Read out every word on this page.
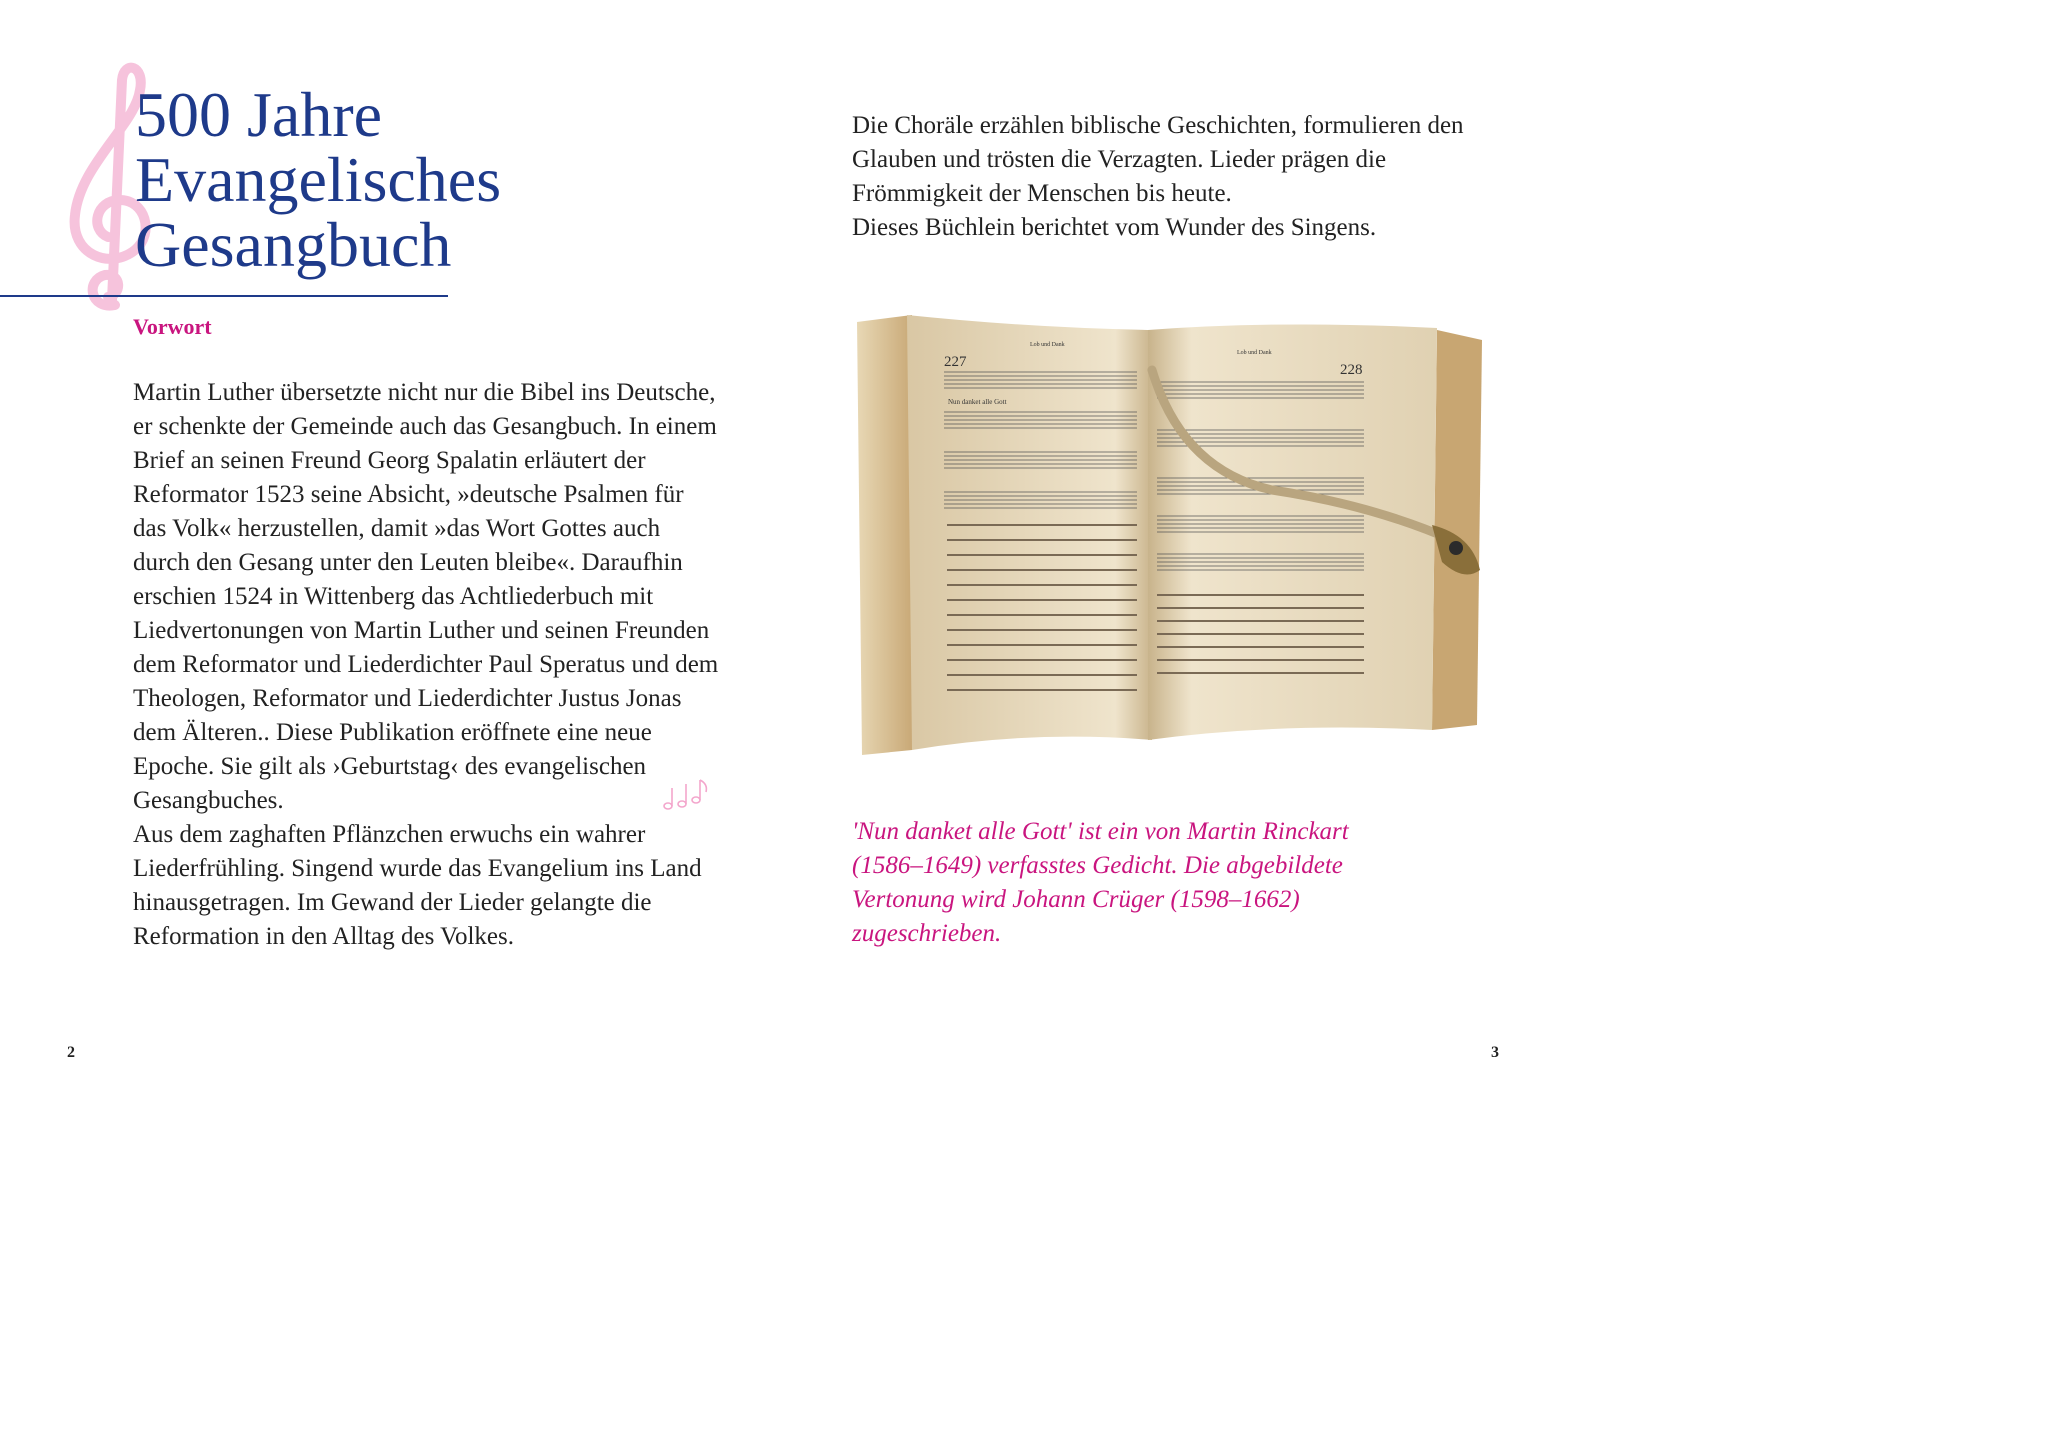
500 Jahre
Evangelisches
Gesangbuch
Vorwort

Martin Luther übersetzte nicht nur die Bibel ins Deutsche, er schenkte der Gemeinde auch das Gesangbuch. In einem Brief an seinen Freund Georg Spalatin erläutert der Reformator 1523 seine Absicht, »deutsche Psalmen für das Volk« herzustellen, damit »das Wort Gottes auch durch den Gesang unter den Leuten bleibe«. Daraufhin erschien 1524 in Wittenberg das Achtliederbuch mit Liedvertonungen von Martin Luther und seinen Freunden dem Reformator und Liederdichter Paul Speratus und dem Theologen, Reformator und Liederdichter Justus Jonas dem Älteren.. Diese Publikation eröffnete eine neue Epoche. Sie gilt als ›Geburtstag‹ des evangelischen Gesangbuches.

Aus dem zaghaften Pflänzchen erwuchs ein wahrer Liederfrühling. Singend wurde das Evangelium ins Land hinausgetragen. Im Gewand der Lieder gelangte die Reformation in den Alltag des Volkes.

Die Choräle erzählen biblische Geschichten, formulieren den Glauben und trösten die Verzagten. Lieder prägen die Frömmigkeit der Menschen bis heute.

Dieses Büchlein berichtet vom Wunder des Singens.

227	228
Lob und Dank
Lob und Dank
Nun danket alle Gott
'Nun danket alle Gott' ist ein von Martin Rinckart (1586–1649) verfasstes Gedicht. Die abgebildete Vertonung wird Johann Crüger (1598–1662) zugeschrieben.
2	3
